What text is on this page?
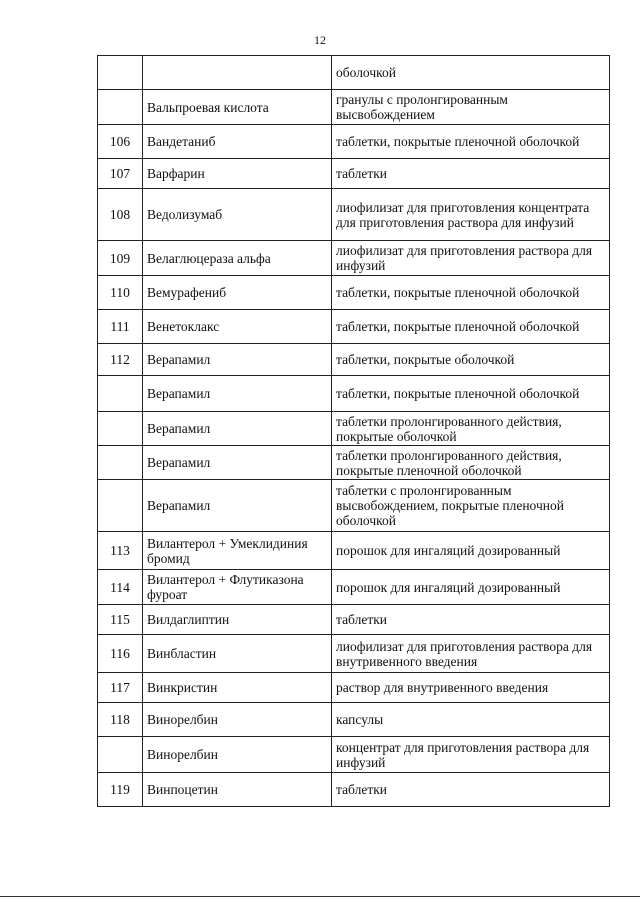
12
		оболочкой
	Вальпроевая кислота	гранулы с пролонгированным высвобождением
106	Вандетаниб	таблетки, покрытые пленочной оболочкой
107	Варфарин	таблетки
108	Ведолизумаб	лиофилизат для приготовления концентрата для приготовления раствора для инфузий
109	Велаглюцераза альфа	лиофилизат для приготовления раствора для инфузий
110	Вемурафениб	таблетки, покрытые пленочной оболочкой
111	Венетоклакс	таблетки, покрытые пленочной оболочкой
112	Верапамил	таблетки, покрытые оболочкой
	Верапамил	таблетки, покрытые пленочной оболочкой
	Верапамил	таблетки пролонгированного действия, покрытые оболочкой
	Верапамил	таблетки пролонгированного действия, покрытые пленочной оболочкой
	Верапамил	таблетки с пролонгированным высвобождением, покрытые пленочной оболочкой
113	Вилантерол + Умеклидиния бромид	порошок для ингаляций дозированный
114	Вилантерол + Флутиказона фуроат	порошок для ингаляций дозированный
115	Вилдаглиптин	таблетки
116	Винбластин	лиофилизат для приготовления раствора для внутривенного введения
117	Винкристин	раствор для внутривенного введения
118	Винорелбин	капсулы
	Винорелбин	концентрат для приготовления раствора для инфузий
119	Винпоцетин	таблетки
